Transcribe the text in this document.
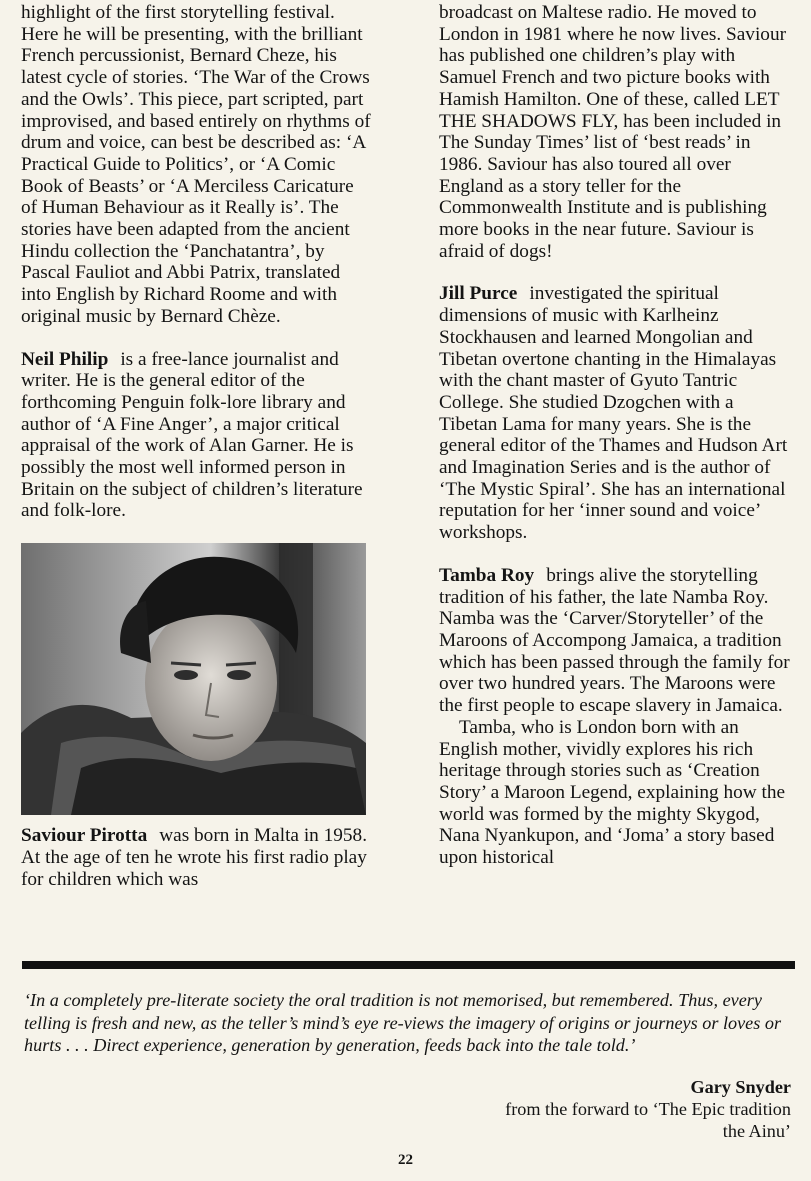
highlight of the first storytelling festival. Here he will be presenting, with the brilliant French percussionist, Bernard Cheze, his latest cycle of stories. ‘The War of the Crows and the Owls’. This piece, part scripted, part improvised, and based entirely on rhythms of drum and voice, can best be described as: ‘A Practical Guide to Politics’, or ‘A Comic Book of Beasts’ or ‘A Merciless Caricature of Human Behaviour as it Really is’. The stories have been adapted from the ancient Hindu collection the ‘Panchatantra’, by Pascal Fauliot and Abbi Patrix, translated into English by Richard Roome and with original music by Bernard Chèze.

Neil Philip is a free-lance journalist and writer. He is the general editor of the forthcoming Penguin folk-lore library and author of ‘A Fine Anger’, a major critical appraisal of the work of Alan Garner. He is possibly the most well informed person in Britain on the subject of children’s literature and folk-lore.

Saviour Pirotta was born in Malta in 1958. At the age of ten he wrote his first radio play for children which was

broadcast on Maltese radio. He moved to London in 1981 where he now lives. Saviour has published one children’s play with Samuel French and two picture books with Hamish Hamilton. One of these, called LET THE SHADOWS FLY, has been included in The Sunday Times’ list of ‘best reads’ in 1986. Saviour has also toured all over England as a story teller for the Commonwealth Institute and is publishing more books in the near future. Saviour is afraid of dogs!

Jill Purce investigated the spiritual dimensions of music with Karlheinz Stockhausen and learned Mongolian and Tibetan overtone chanting in the Himalayas with the chant master of Gyuto Tantric College. She studied Dzogchen with a Tibetan Lama for many years. She is the general editor of the Thames and Hudson Art and Imagination Series and is the author of ‘The Mystic Spiral’. She has an international reputation for her ‘inner sound and voice’ workshops.

Tamba Roy brings alive the storytelling tradition of his father, the late Namba Roy. Namba was the ‘Carver/Storyteller’ of the Maroons of Accompong Jamaica, a tradition which has been passed through the family for over two hundred years. The Maroons were the first people to escape slavery in Jamaica.

Tamba, who is London born with an English mother, vividly explores his rich heritage through stories such as ‘Creation Story’ a Maroon Legend, explaining how the world was formed by the mighty Skygod, Nana Nyankupon, and ‘Joma’ a story based upon historical

‘In a completely pre-literate society the oral tradition is not memorised, but remembered. Thus, every telling is fresh and new, as the teller’s mind’s eye re-views the imagery of origins or journeys or loves or hurts . . . Direct experience, generation by generation, feeds back into the tale told.’

Gary Snyder
from the forward to ‘The Epic tradition
the Ainu’
22
